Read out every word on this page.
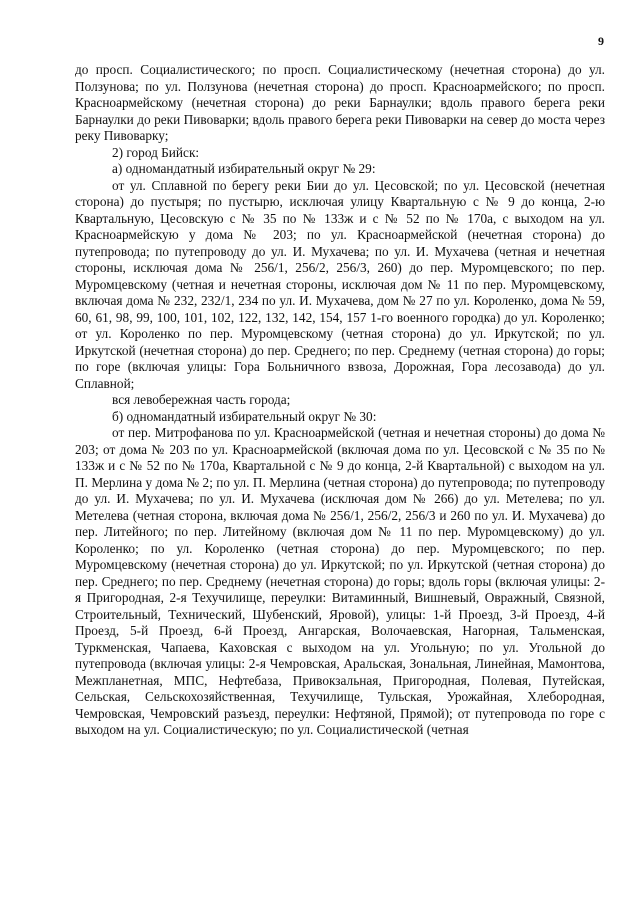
9

до просп. Социалистического; по просп. Социалистическому (нечетная сторона) до ул. Ползунова; по ул. Ползунова (нечетная сторона) до просп. Красноармейского; по просп. Красноармейскому (нечетная сторона) до реки Барнаулки; вдоль правого берега реки Барнаулки до реки Пивоварки; вдоль правого берега реки Пивоварки на север до моста через реку Пивоварку;

2) город Бийск:

а) одномандатный избирательный округ № 29:

от ул. Сплавной по берегу реки Бии до ул. Цесовской; по ул. Цесовской (нечетная сторона) до пустыря; по пустырю, исключая улицу Квартальную с № 9 до конца, 2-ю Квартальную, Цесовскую с № 35 по № 133ж и с № 52 по № 170а, с выходом на ул. Красноармейскую у дома № 203; по ул. Красноармейской (нечетная сторона) до путепровода; по путепроводу до ул. И. Мухачева; по ул. И. Мухачева (четная и нечетная стороны, исключая дома № 256/1, 256/2, 256/3, 260) до пер. Муромцевского; по пер. Муромцевскому (четная и нечетная стороны, исключая дом № 11 по пер. Муромцевскому, включая дома № 232, 232/1, 234 по ул. И. Мухачева, дом № 27 по ул. Короленко, дома № 59, 60, 61, 98, 99, 100, 101, 102, 122, 132, 142, 154, 157 1-го военного городка) до ул. Короленко; от ул. Короленко по пер. Муромцевскому (четная сторона) до ул. Иркутской; по ул. Иркутской (нечетная сторона) до пер. Среднего; по пер. Среднему (четная сторона) до горы; по горе (включая улицы: Гора Больничного взвоза, Дорожная, Гора лесозавода) до ул. Сплавной;

вся левобережная часть города;

б) одномандатный избирательный округ № 30:

от пер. Митрофанова по ул. Красноармейской (четная и нечетная стороны) до дома № 203; от дома № 203 по ул. Красноармейской (включая дома по ул. Цесовской с № 35 по № 133ж и с № 52 по № 170а, Квартальной с № 9 до конца, 2-й Квартальной) с выходом на ул. П. Мерлина у дома № 2; по ул. П. Мерлина (четная сторона) до путепровода; по путепроводу до ул. И. Мухачева; по ул. И. Мухачева (исключая дом № 266) до ул. Метелева; по ул. Метелева (четная сторона, включая дома № 256/1, 256/2, 256/3 и 260 по ул. И. Мухачева) до пер. Литейного; по пер. Литейному (включая дом № 11 по пер. Муромцевскому) до ул. Короленко; по ул. Короленко (четная сторона) до пер. Муромцевского; по пер. Муромцевскому (нечетная сторона) до ул. Иркутской; по ул. Иркутской (четная сторона) до пер. Среднего; по пер. Среднему (нечетная сторона) до горы; вдоль горы (включая улицы: 2-я Пригородная, 2-я Техучилище, переулки: Витаминный, Вишневый, Овражный, Связной, Строительный, Технический, Шубенский, Яровой), улицы: 1-й Проезд, 3-й Проезд, 4-й Проезд, 5-й Проезд, 6-й Проезд, Ангарская, Волочаевская, Нагорная, Тальменская, Туркменская, Чапаева, Каховская с выходом на ул. Угольную; по ул. Угольной до путепровода (включая улицы: 2-я Чемровская, Аральская, Зональная, Линейная, Мамонтова, Межпланетная, МПС, Нефтебаза, Привокзальная, Пригородная, Полевая, Путейская, Сельская, Сельскохозяйственная, Техучилище, Тульская, Урожайная, Хлебородная, Чемровская, Чемровский разъезд, переулки: Нефтяной, Прямой); от путепровода по горе с выходом на ул. Социалистическую; по ул. Социалистической (четная
